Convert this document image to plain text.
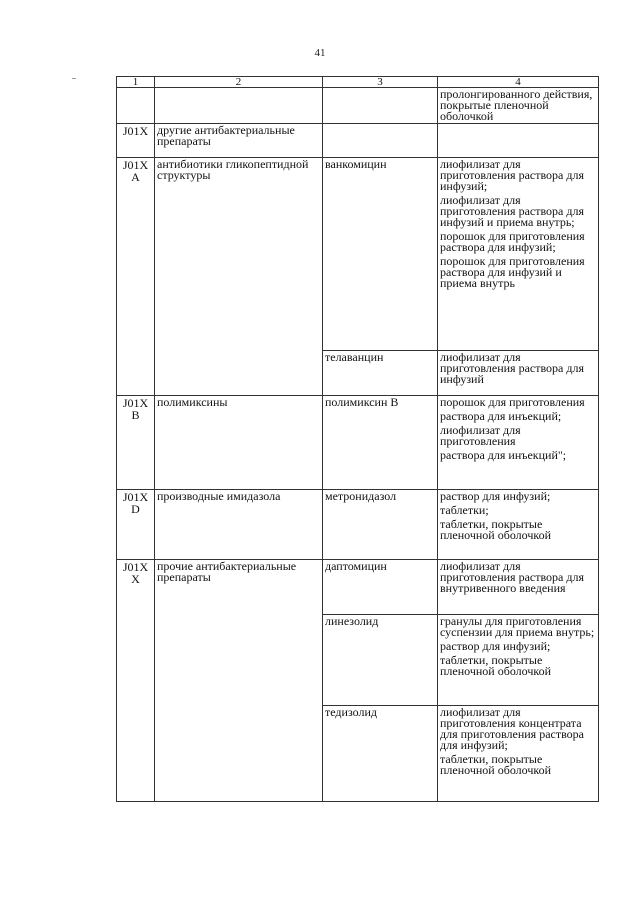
41
1	2	3	4

			пролонгированного действия, покрытые пленочной оболочкой

J01X	другие антибактериальные препараты		
J01X A	антибиотики гликопептидной структуры	ванкомицин	лиофилизат для приготовления раствора для инфузий;
лиофилизат для приготовления раствора для инфузий и приема внутрь;
порошок для приготовления раствора для инфузий;
порошок для приготовления раствора для инфузий и приема внутрь

		телаванцин	лиофилизат для приготовления раствора для инфузий

J01X B	полимиксины	полимиксин В	порошок для приготовления
раствора для инъекций;
лиофилизат для приготовления
раствора для инъекций";

J01X D	производные имидазола	метронидазол	раствор для инфузий;
таблетки;
таблетки, покрытые пленочной оболочкой

J01X X	прочие антибактериальные препараты	даптомицин	лиофилизат для приготовления раствора для внутривенного введения

		линезолид	гранулы для приготовления суспензии для приема внутрь;
раствор для инфузий;
таблетки, покрытые пленочной оболочкой

		тедизолид	лиофилизат для приготовления концентрата для приготовления раствора для инфузий;
таблетки, покрытые пленочной оболочкой
